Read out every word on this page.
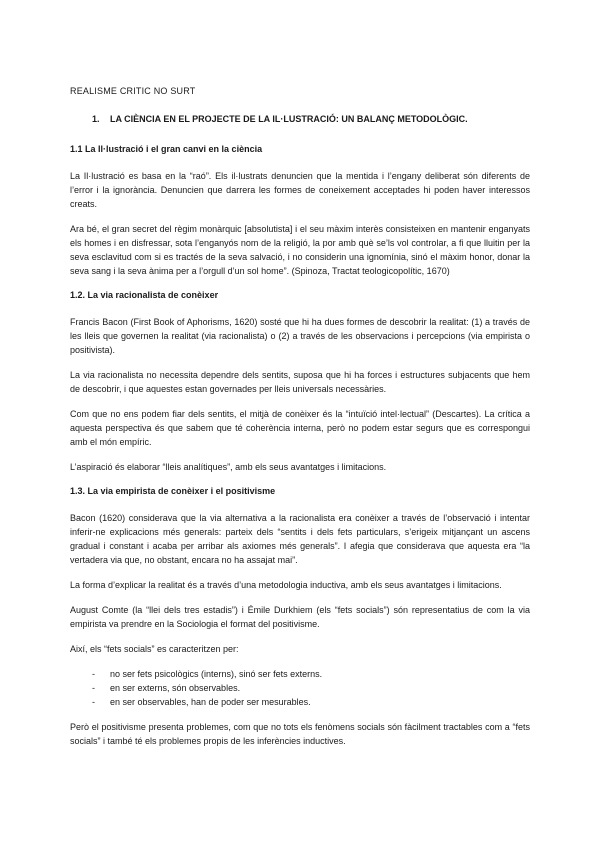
REALISME CRITIC NO SURT
1.	LA CIÈNCIA EN EL PROJECTE DE LA IL·LUSTRACIÓ: UN BALANÇ METODOLÒGIC.
1.1 La Il·lustració i el gran canvi en la ciència

La Il·lustració es basa en la “raó”. Els il·lustrats denuncien que la mentida i l’engany deliberat són diferents de l’error i la ignorància. Denuncien que darrera les formes de coneixement acceptades hi poden haver interessos creats.

Ara bé, el gran secret del règim monàrquic [absolutista] i el seu màxim interès consisteixen en mantenir enganyats els homes i en disfressar, sota l’enganyós nom de la religió, la por amb què se’ls vol controlar, a fi que lluitin per la seva esclavitud com si es tractés de la seva salvació, i no considerin una ignomínia, sinó el màxim honor, donar la seva sang i la seva ànima per a l’orgull d’un sol home”. (Spinoza, Tractat teologicopolític, 1670)

1.2. La via racionalista de conèixer

Francis Bacon (First Book of Aphorisms, 1620) sosté que hi ha dues formes de descobrir la realitat: (1) a través de les lleis que governen la realitat (via racionalista) o (2) a través de les observacions i percepcions (via empirista o positivista).

La via racionalista no necessita dependre dels sentits, suposa que hi ha forces i estructures subjacents que hem de descobrir, i que aquestes estan governades per lleis universals necessàries.

Com que no ens podem fiar dels sentits, el mitjà de conèixer és la “intuïció intel·lectual” (Descartes). La crítica a aquesta perspectiva és que sabem que té coherència interna, però no podem estar segurs que es correspongui amb el món empíric.

L’aspiració és elaborar “lleis analítiques”, amb els seus avantatges i limitacions.

1.3. La via empirista de conèixer i el positivisme

Bacon (1620) considerava que la via alternativa a la racionalista era conèixer a través de l’observació i intentar inferir-ne explicacions més generals: parteix dels “sentits i dels fets particulars, s’erigeix mitjançant un ascens gradual i constant i acaba per arribar als axiomes més generals”. I afegia que considerava que aquesta era “la vertadera via que, no obstant, encara no ha assajat mai”.

La forma d’explicar la realitat és a través d’una metodologia inductiva, amb els seus avantatges i limitacions.

August Comte (la “llei dels tres estadis”) i Émile Durkhiem (els “fets socials”) són representatius de com la via empirista va prendre en la Sociologia el format del positivisme.

Així, els “fets socials” es caracteritzen per:

-	no ser fets psicològics (interns), sinó ser fets externs.
-	en ser externs, són observables.
-	en ser observables, han de poder ser mesurables.

Però el positivisme presenta problemes, com que no tots els fenòmens socials són fàcilment tractables com a “fets socials” i també té els problemes propis de les inferències inductives.
